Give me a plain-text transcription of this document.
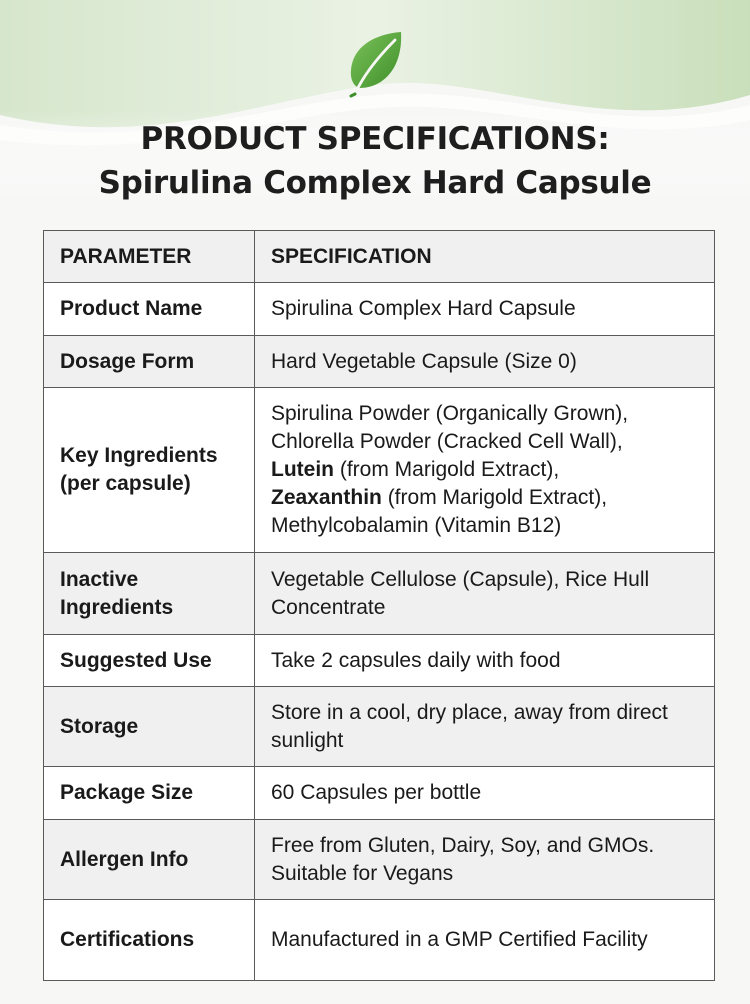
PRODUCT SPECIFICATIONS:
Spirulina Complex Hard Capsule
PARAMETER	SPECIFICATION
Product Name	Spirulina Complex Hard Capsule
Dosage Form	Hard Vegetable Capsule (Size 0)
Key Ingredients (per capsule)	Spirulina Powder (Organically Grown),
Chlorella Powder (Cracked Cell Wall),
Lutein (from Marigold Extract),
Zeaxanthin (from Marigold Extract),
Methylcobalamin (Vitamin B12)

Inactive Ingredients	Vegetable Cellulose (Capsule), Rice Hull Concentrate
Suggested Use	Take 2 capsules daily with food
Storage	Store in a cool, dry place, away from direct sunlight
Package Size	60 Capsules per bottle
Allergen Info	Free from Gluten, Dairy, Soy, and GMOs. Suitable for Vegans
Certifications	Manufactured in a GMP Certified Facility
